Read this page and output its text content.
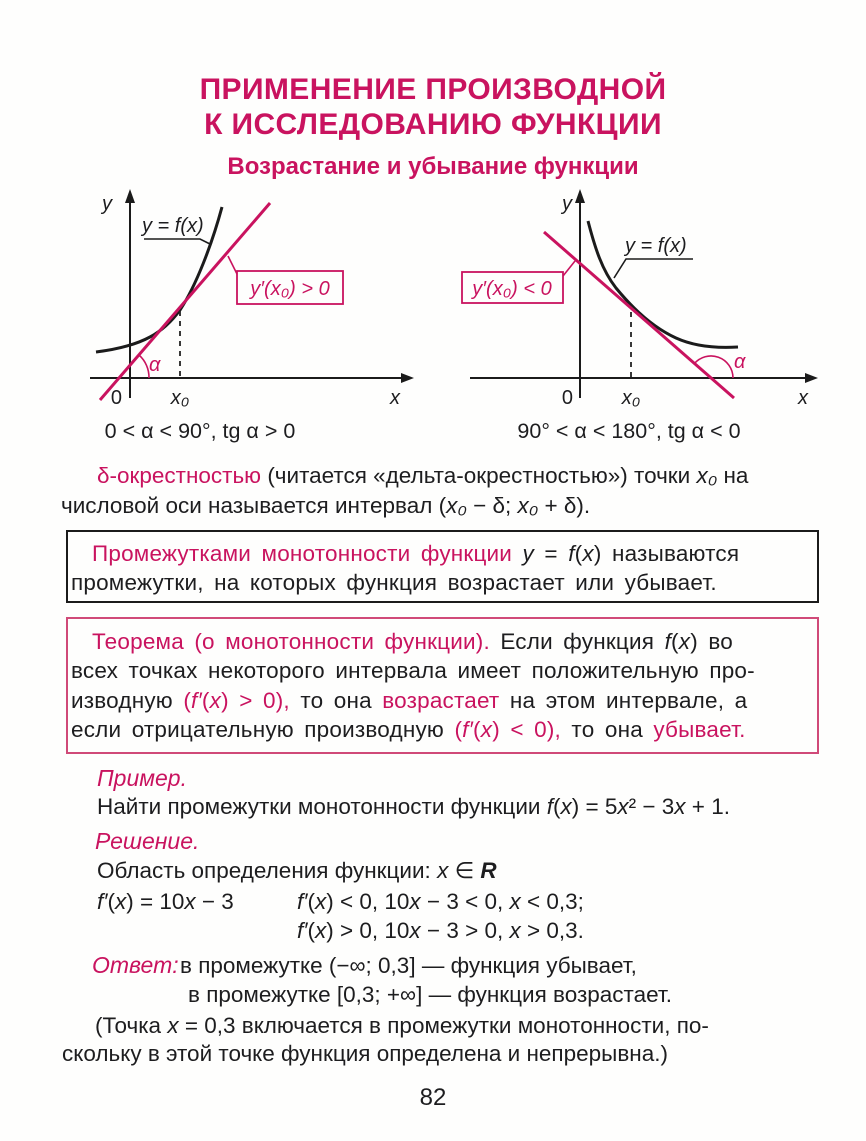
ПРИМЕНЕНИЕ ПРОИЗВОДНОЙ
К ИССЛЕДОВАНИЮ ФУНКЦИИ
Возрастание и убывание функции
y
x
0
y = f(x)
y′(x₀) > 0
x₀
α
0 < α < 90°, tg α > 0
y
x
0
y = f(x)
y′(x₀) < 0
x₀
α
90° < α < 180°, tg α < 0
δ-окрестностью (читается «дельта-окрестностью») точки x₀ на
числовой оси называется интервал (x₀ − δ; x₀ + δ).
Промежутками монотонности функции y = f(x) называются
промежутки, на которых функция возрастает или убывает.
Теорема (о монотонности функции). Если функция f(x) во
всех точках некоторого интервала имеет положительную про-
изводную (f′(x) > 0), то она возрастает на этом интервале, а
если отрицательную производную (f′(x) < 0), то она убывает.
Пример.
Найти промежутки монотонности функции f(x) = 5x² − 3x + 1.
Решение.
Область определения функции: x ∈ R
f′(x) = 10x − 3	f′(x) < 0, 10x − 3 < 0, x < 0,3;
f′(x) > 0, 10x − 3 > 0, x > 0,3.
Ответ: в промежутке (−∞; 0,3] — функция убывает,
в промежутке [0,3; +∞] — функция возрастает.
(Точка x = 0,3 включается в промежутки монотонности, по-
скольку в этой точке функция определена и непрерывна.)
82
